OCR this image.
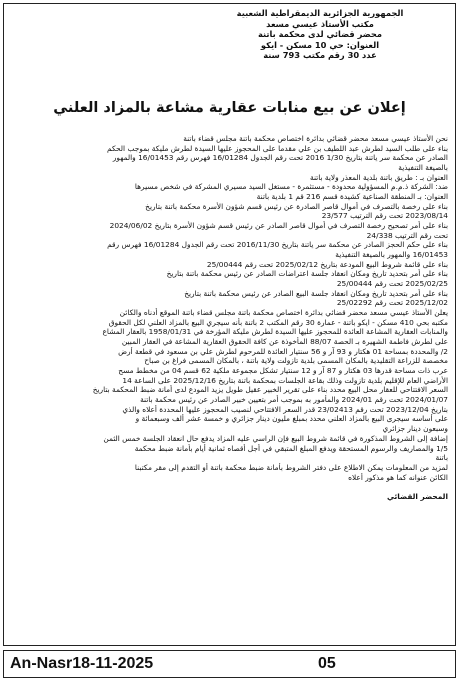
الجمهورية الجزائرية الديمقراطية الشعبية
مكتب الأستاذ عيسي مسعد
محضر قضائي لدى محكمة باتنة
العنوان: حي 10 مسكن - ايكو
عدد 30 رقم مكتب 793 سنة
إعلان عن بيع منابات عقارية مشاعة بالمزاد العلني
نحن الأستاذ عيسي مسعد محضر قضائي بدائرة اختصاص محكمة باتنة مجلس قضاء باتنة
بناء على طلب السيد لطرش عبد اللطيف بن علي مقدما على المحجوز عليها السيدة لطرش مليكة بموجب الحكم
الصادر عن محكمة سر ياتنة بتاريخ 1/30 2016 تحت رقم الجدول 16/01284 فهرس رقم 16/01453 والمهور
بالصيغة التنفيذية
العنوان بـ : طريق باتنة بلدية المعذر ولاية باتنة
ضد: الشركة ذ.م.م المسؤولية محدودة - مستثمرة - مستغل السيد مسيري المشركة في شخص مسيرها
العنوان: بـ المنطقة الصناعية كشيدة قسم 216 قم 1 بلدية باتنة
بناء على رخصة بالتصرف في أموال قاصر الصادرة عن رئيس قسم شؤون الأسرة محكمة باتنة بتاريخ
2023/08/14 تحت رقم الترتيب 23/577
بناء على أمر تصحيح رخصة التصرف في أموال قاصر الصادر عن رئيس قسم شؤون الأسرة بتاريخ 2024/06/02
تحت رقم الترتيب 24/338
بناء على حكم الحجز الصادر عن محكمة سر ياتنة بتاريخ 2016/11/30 تحت رقم الجدول 16/01284 فهرس رقم
16/01453 والمهور بالصيغة التنفيذية
بناء على قائمة شروط البيع المودعة بتاريخ 2025/02/12 تحت رقم 25/00444
بناء على أمر بتحديد تاريخ ومكان انعقاد جلسة اعتراضات الصادر عن رئيس محكمة باتنة بتاريخ
2025/02/25 تحت رقم 25/00444
بناء على أمر بتحديد تاريخ ومكان انعقاد جلسة البيع الصادر عن رئيس محكمة باتنة بتاريخ
2025/12/02 تحت رقم 25/02292
يعلن الأستاذ عيسي مسعد محضر قضائي بدائرة اختصاص محكمة باتنة مجلس قضاء باتنة الموقع أدناه والكائن
مكتبه بحي 410 مسكن - ايكو باتنة - عمارة 30 رقم المكتب 2 باتنة بأنه سيجري البيع بالمزاد العلني لكل الحقوق
والمنابات العقارية المشاعة العائدة للمحجوز عليها السيدة لطرش مليكة المؤرخة في 1958/01/31 بالعقار المشاع
على لطرش فاطمة الشهيرة بـ الحصة 88/07 المأخوذة عن كافة الحقوق العقارية المشاعة في العقار المبين
2/ والمحددة بمساحة 01 هكتار و 93 آر و 56 سنتيار العائدة للمرحوم لطرش علي بن مسعود في قطعة أرض
مخصصة للزراعة التقليدية بالمكان المسمى بلدية تازولت ولاية باتنة ، بالمكان المسمى فراغ بن صباح
عرب ذات مساحة قدرها 03 هكتار و 87 آر و 12 سنتيار تشكل مجموعة ملكية 62 قسم 04 من مخطط مسح
الأراضي العام للإقليم بلدية تازولت وذلك بقاعة الجلسات بمحكمة باتنة بتاريخ 2025/12/16 على الساعة 14
السعر الافتتاحي للعقار محل البيع محدد بناء على تقرير الخبير عقيل طويل يزيد المودع لدى أمانة ضبط المحكمة بتاريخ
2024/01/07 تحت رقم 2024/01 والمأمور به بموجب أمر بتعيين خبير الصادر عن رئيس محكمة باتنة
بتاريخ 2023/12/04 تحت رقم 23/02413 قدر السعر الافتتاحي لنصيب المحجوز عليها المحددة أعلاه والذي
على أساسه سيجرى البيع بالمزاد العلني محدد بمبلغ مليون دينار جزائري و خمسة عشر ألف وسبعمائة و
وسبعون دينار جزائري
إضافة إلى الشروط المذكورة في قائمة شروط البيع فإن الراسي عليه المزاد يدفع حال انعقاد الجلسة خمس الثمن
1/5 والمصاريف والرسوم المستحقة ويدفع المبلغ المتبقي في أجل أقصاه ثمانية أيام بأمانة ضبط محكمة
باتنة
لمزيد من المعلومات يمكن الاطلاع على دفتر الشروط بأمانة ضبط محكمة باتنة أو التقدم إلى مقر مكتبنا
الكائن عنوانه كما هو مذكور أعلاه
المحضر القضائي
An-Nasr18-11-2025	05
